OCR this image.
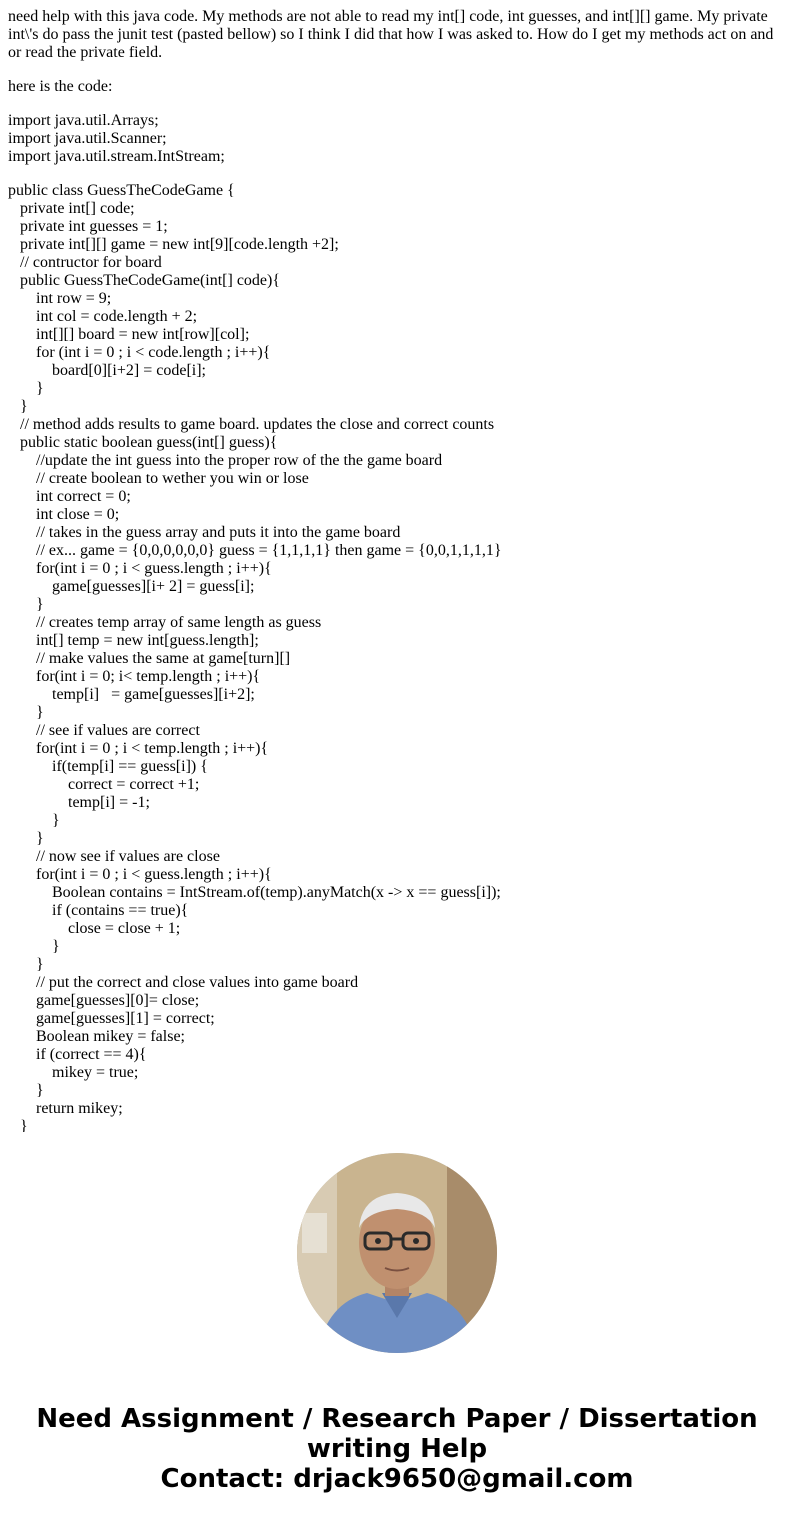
need help with this java code. My methods are not able to read my int[] code, int guesses, and int[][] game. My private int\'s do pass the junit test (pasted bellow) so I think I did that how I was asked to. How do I get my methods act on and or read the private field.

here is the code:

import java.util.Arrays;
import java.util.Scanner;
import java.util.stream.IntStream;
public class GuessTheCodeGame {
private int[] code;
private int guesses = 1;
private int[][] game = new int[9][code.length +2];
// contructor for board
public GuessTheCodeGame(int[] code){
int row = 9;
int col = code.length + 2;
int[][] board = new int[row][col];
for (int i = 0 ; i < code.length ; i++){
board[0][i+2] = code[i];
}
}
// method adds results to game board. updates the close and correct counts
public static boolean guess(int[] guess){
//update the int guess into the proper row of the the game board
// create boolean to wether you win or lose
int correct = 0;
int close = 0;
// takes in the guess array and puts it into the game board
// ex... game = {0,0,0,0,0,0} guess = {1,1,1,1} then game = {0,0,1,1,1,1}
for(int i = 0 ; i < guess.length ; i++){
game[guesses][i+ 2] = guess[i];
}
// creates temp array of same length as guess
int[] temp = new int[guess.length];
// make values the same at game[turn][]
for(int i = 0; i< temp.length ; i++){
temp[i]   = game[guesses][i+2];
}
// see if values are correct
for(int i = 0 ; i < temp.length ; i++){
if(temp[i] == guess[i]) {
correct = correct +1;
temp[i] = -1;
}
}
// now see if values are close
for(int i = 0 ; i < guess.length ; i++){
Boolean contains = IntStream.of(temp).anyMatch(x -> x == guess[i]);
if (contains == true){
close = close + 1;
}
}
// put the correct and close values into game board
game[guesses][0]= close;
game[guesses][1] = correct;
Boolean mikey = false;
if (correct == 4){
mikey = true;
}
return mikey;
}
Need Assignment / Research Paper / Dissertation
writing Help
Contact: drjack9650@gmail.com
